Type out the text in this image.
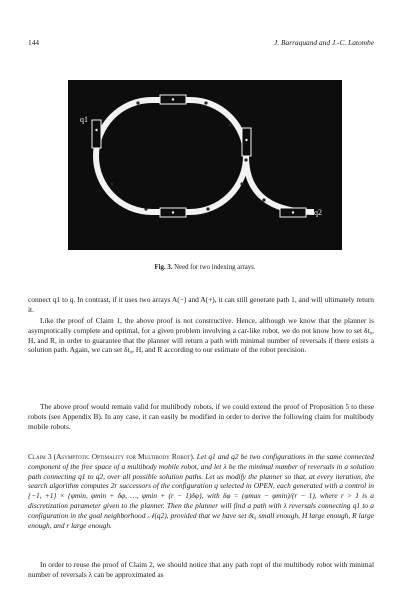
144	J. Barraquand and J.-C. Latombe
q1
q2
Fig. 3. Need for two indexing arrays.

connect q1 to q. In contrast, if it uses two arrays A(−) and A(+), it can still generate path 1, and will ultimately return it.

Like the proof of Claim 1, the above proof is not constructive. Hence, although we know that the planner is asymptotically complete and optimal, for a given problem involving a car-like robot, we do not know how to set δt₀, H, and R, in order to guarantee that the planner will return a path with minimal number of reversals if there exists a solution path. Again, we can set δt₀, H, and R according to our estimate of the robot precision.

The above proof would remain valid for multibody robots, if we could extend the proof of Proposition 5 to these robots (see Appendix B). In any case, it can easily be modified in order to derive the following claim for multibody mobile robots.

Claim 3 (Asymptotic Optimality for Multibody Robot). Let q1 and q2 be two configurations in the same connected component of the free space of a multibody mobile robot, and let λ be the minimal number of reversals in a solution path connecting q1 to q2, over all possible solution paths. Let us modify the planner so that, at every iteration, the search algorithm computes 2r successors of the configuration q selected in OPEN, each generated with a control in {−1, +1} × {φmin, φmin + δφ, …, φmin + (r − 1)δφ}, with δφ = (φmax − φmin)/(r − 1), where r > 1 is a discretization parameter given to the planner. Then the planner will find a path with λ reversals connecting q1 to a configuration in the goal neighborhood 𝒩(q2), provided that we have set δt₀ small enough, H large enough, R large enough, and r large enough.

In order to reuse the proof of Claim 2, we should notice that any path τopt of the multibody robot with minimal number of reversals λ can be approximated as
